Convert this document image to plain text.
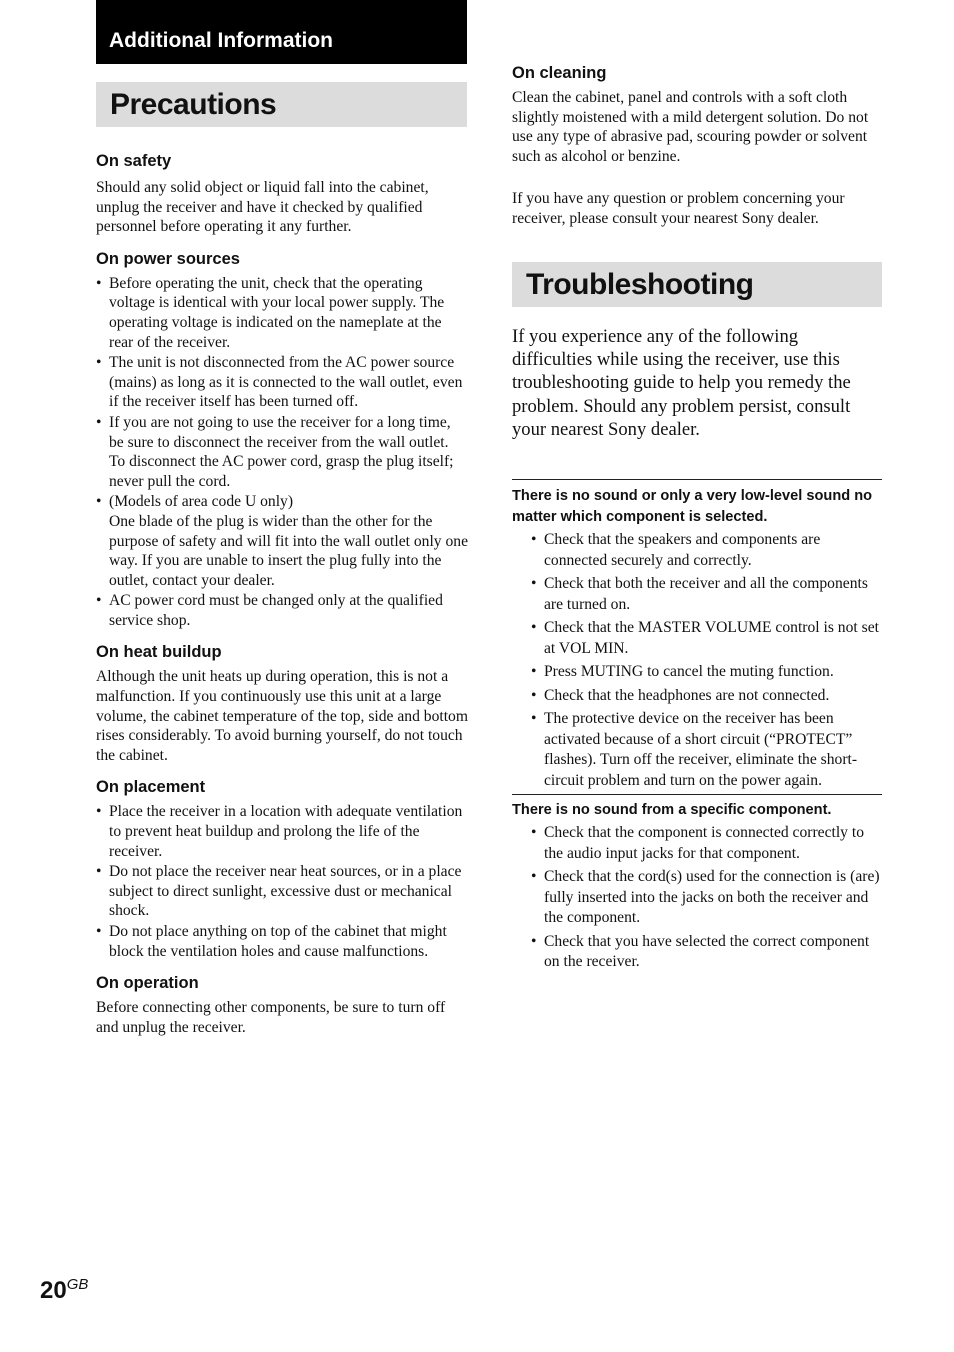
Additional Information
Precautions
On safety

Should any solid object or liquid fall into the cabinet, unplug the receiver and have it checked by qualified personnel before operating it any further.

On power sources
• Before operating the unit, check that the operating voltage is identical with your local power supply. The operating voltage is indicated on the nameplate at the rear of the receiver.
• The unit is not disconnected from the AC power source (mains) as long as it is connected to the wall outlet, even if the receiver itself has been turned off.
• If you are not going to use the receiver for a long time, be sure to disconnect the receiver from the wall outlet. To disconnect the AC power cord, grasp the plug itself; never pull the cord.
• (Models of area code U only)
One blade of the plug is wider than the other for the purpose of safety and will fit into the wall outlet only one way. If you are unable to insert the plug fully into the outlet, contact your dealer.
• AC power cord must be changed only at the qualified service shop.
On heat buildup

Although the unit heats up during operation, this is not a malfunction. If you continuously use this unit at a large volume, the cabinet temperature of the top, side and bottom rises considerably. To avoid burning yourself, do not touch the cabinet.

On placement
• Place the receiver in a location with adequate ventilation to prevent heat buildup and prolong the life of the receiver.
• Do not place the receiver near heat sources, or in a place subject to direct sunlight, excessive dust or mechanical shock.
• Do not place anything on top of the cabinet that might block the ventilation holes and cause malfunctions.
On operation

Before connecting other components, be sure to turn off and unplug the receiver.

On cleaning

Clean the cabinet, panel and controls with a soft cloth slightly moistened with a mild detergent solution. Do not use any type of abrasive pad, scouring powder or solvent such as alcohol or benzine.

If you have any question or problem concerning your receiver, please consult your nearest Sony dealer.

Troubleshooting

If you experience any of the following difficulties while using the receiver, use this troubleshooting guide to help you remedy the problem. Should any problem persist, consult your nearest Sony dealer.

There is no sound or only a very low-level sound no matter which component is selected.

• Check that the speakers and components are connected securely and correctly.
• Check that both the receiver and all the components are turned on.
• Check that the MASTER VOLUME control is not set at VOL MIN.
• Press MUTING to cancel the muting function.
• Check that the headphones are not connected.
• The protective device on the receiver has been activated because of a short circuit (“PROTECT” flashes). Turn off the receiver, eliminate the short-circuit problem and turn on the power again.

There is no sound from a specific component.

• Check that the component is connected correctly to the audio input jacks for that component.
• Check that the cord(s) used for the connection is (are) fully inserted into the jacks on both the receiver and the component.
• Check that you have selected the correct component on the receiver.
$20^{GB}$
